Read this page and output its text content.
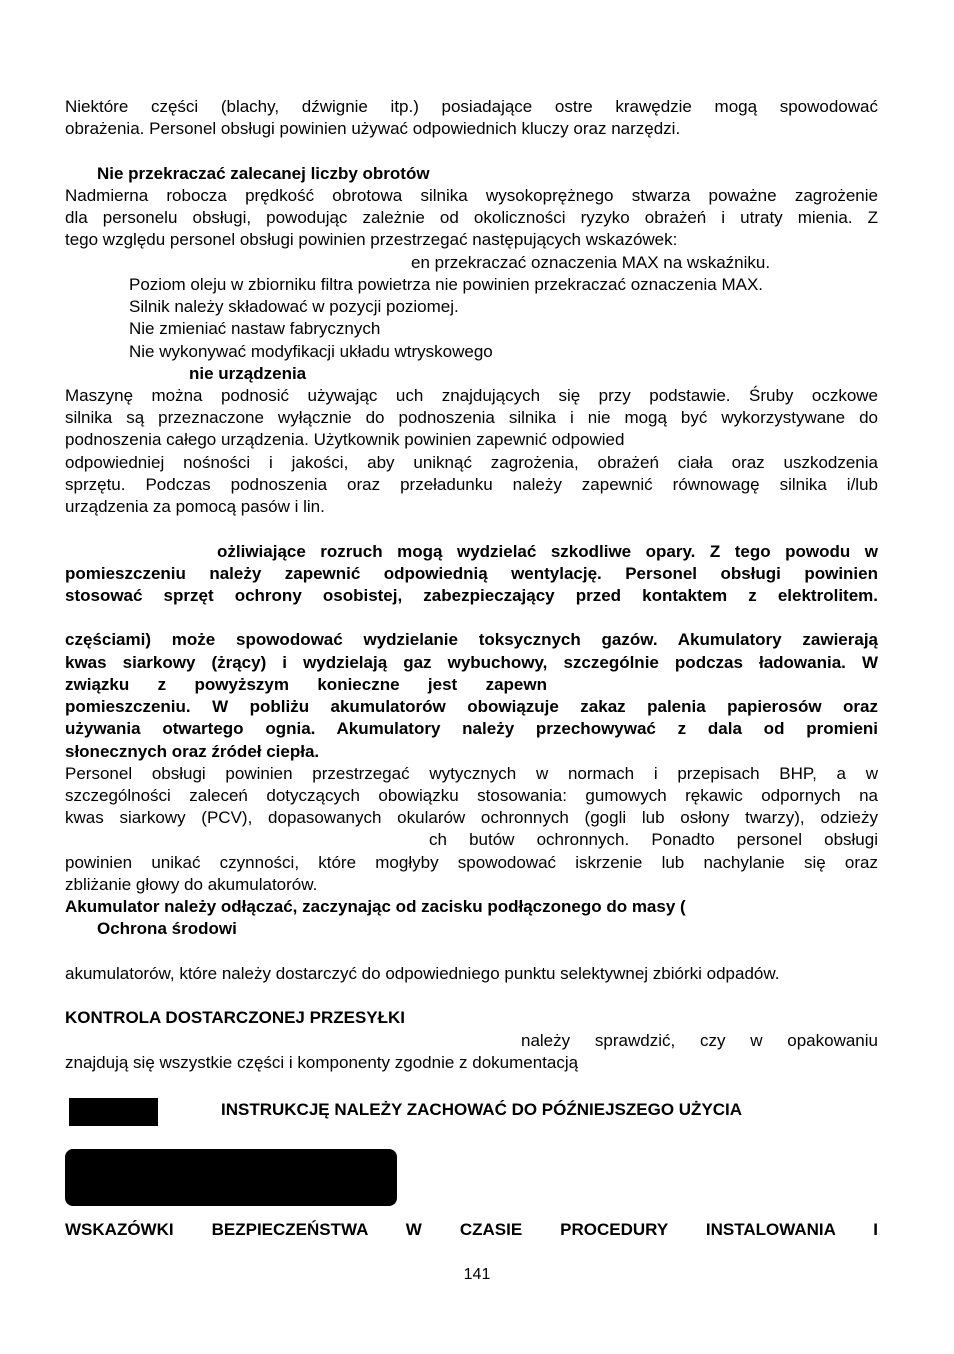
Niektóre części (blachy, dźwignie itp.) posiadające ostre krawędzie mogą spowodować
obrażenia. Personel obsługi powinien używać odpowiednich kluczy oraz narzędzi.
Nie przekraczać zalecanej liczby obrotów
Nadmierna robocza prędkość obrotowa silnika wysokoprężnego stwarza poważne zagrożenie
dla personelu obsługi, powodując zależnie od okoliczności ryzyko obrażeń i utraty mienia. Z
tego względu personel obsługi powinien przestrzegać następujących wskazówek:
en przekraczać oznaczenia MAX na wskaźniku.
Poziom oleju w zbiorniku filtra powietrza nie powinien przekraczać oznaczenia MAX.
Silnik należy składować w pozycji poziomej.
Nie zmieniać nastaw fabrycznych
Nie wykonywać modyfikacji układu wtryskowego
nie urządzenia
Maszynę można podnosić używając uch znajdujących się przy podstawie. Śruby oczkowe
silnika są przeznaczone wyłącznie do podnoszenia silnika i nie mogą być wykorzystywane do
podnoszenia całego urządzenia. Użytkownik powinien zapewnić odpowied
odpowiedniej nośności i jakości, aby uniknąć zagrożenia, obrażeń ciała oraz uszkodzenia
sprzętu. Podczas podnoszenia oraz przeładunku należy zapewnić równowagę silnika i/lub
urządzenia za pomocą pasów i lin.
ożliwiające rozruch mogą wydzielać szkodliwe opary. Z tego powodu w
pomieszczeniu należy zapewnić odpowiednią wentylację. Personel obsługi powinien
stosować sprzęt ochrony osobistej, zabezpieczający przed kontaktem z elektrolitem.
częściami) może spowodować wydzielanie toksycznych gazów. Akumulatory zawierają
kwas siarkowy (żrący) i wydzielają gaz wybuchowy, szczególnie podczas ładowania. W
związku z powyższym konieczne jest zapewn
pomieszczeniu. W pobliżu akumulatorów obowiązuje zakaz palenia papierosów oraz
używania otwartego ognia. Akumulatory należy przechowywać z dala od promieni
słonecznych oraz źródeł ciepła.
Personel obsługi powinien przestrzegać wytycznych w normach i przepisach BHP, a w
szczególności zaleceń dotyczących obowiązku stosowania: gumowych rękawic odpornych na
kwas siarkowy (PCV), dopasowanych okularów ochronnych (gogli lub osłony twarzy), odzieży
ch butów ochronnych. Ponadto personel obsługi
powinien unikać czynności, które mogłyby spowodować iskrzenie lub nachylanie się oraz
zbliżanie głowy do akumulatorów.
Akumulator należy odłączać, zaczynając od zacisku podłączonego do masy (
Ochrona środowi
akumulatorów, które należy dostarczyć do odpowiedniego punktu selektywnej zbiórki odpadów.
KONTROLA DOSTARCZONEJ PRZESYŁKI
należy sprawdzić, czy w opakowaniu
znajdują się wszystkie części i komponenty zgodnie z dokumentacją
INSTRUKCJĘ NALEŻY ZACHOWAĆ DO PÓŹNIEJSZEGO UŻYCIA
WSKAZÓWKI BEZPIECZEŃSTWA W CZASIE PROCEDURY INSTALOWANIA I
141
